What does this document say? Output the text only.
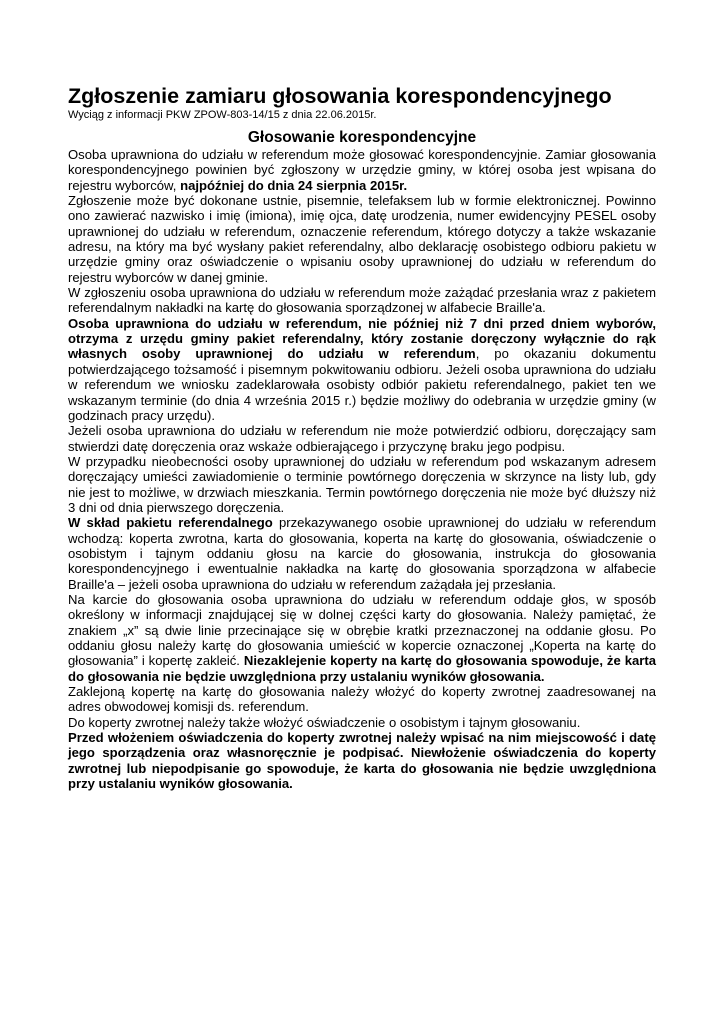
Zgłoszenie zamiaru głosowania korespondencyjnego

Wyciąg z informacji PKW ZPOW-803-14/15 z dnia 22.06.2015r.

Głosowanie korespondencyjne

Osoba uprawniona do udziału w referendum może głosować korespondencyjnie. Zamiar głosowania korespondencyjnego powinien być zgłoszony w urzędzie gminy, w której osoba jest wpisana do rejestru wyborców, najpóźniej do dnia 24 sierpnia 2015r.

Zgłoszenie może być dokonane ustnie, pisemnie, telefaksem lub w formie elektronicznej. Powinno ono zawierać nazwisko i imię (imiona), imię ojca, datę urodzenia, numer ewidencyjny PESEL osoby uprawnionej do udziału w referendum, oznaczenie referendum, którego dotyczy a także wskazanie adresu, na który ma być wysłany pakiet referendalny, albo deklarację osobistego odbioru pakietu w urzędzie gminy oraz oświadczenie o wpisaniu osoby uprawnionej do udziału w referendum do rejestru wyborców w danej gminie.

W zgłoszeniu osoba uprawniona do udziału w referendum może zażądać przesłania wraz z pakietem referendalnym nakładki na kartę do głosowania sporządzonej w alfabecie Braille'a.

Osoba uprawniona do udziału w referendum, nie później niż 7 dni przed dniem wyborów, otrzyma z urzędu gminy pakiet referendalny, który zostanie doręczony wyłącznie do rąk własnych osoby uprawnionej do udziału w referendum, po okazaniu dokumentu potwierdzającego tożsamość i pisemnym pokwitowaniu odbioru. Jeżeli osoba uprawniona do udziału w referendum we wniosku zadeklarowała osobisty odbiór pakietu referendalnego, pakiet ten we wskazanym terminie (do dnia 4 września 2015 r.) będzie możliwy do odebrania w urzędzie gminy (w godzinach pracy urzędu).

Jeżeli osoba uprawniona do udziału w referendum nie może potwierdzić odbioru, doręczający sam stwierdzi datę doręczenia oraz wskaże odbierającego i przyczynę braku jego podpisu.

W przypadku nieobecności osoby uprawnionej do udziału w referendum pod wskazanym adresem doręczający umieści zawiadomienie o terminie powtórnego doręczenia w skrzynce na listy lub, gdy nie jest to możliwe, w drzwiach mieszkania. Termin powtórnego doręczenia nie może być dłuższy niż 3 dni od dnia pierwszego doręczenia.

W skład pakietu referendalnego przekazywanego osobie uprawnionej do udziału w referendum wchodzą: koperta zwrotna, karta do głosowania, koperta na kartę do głosowania, oświadczenie o osobistym i tajnym oddaniu głosu na karcie do głosowania, instrukcja do głosowania korespondencyjnego i ewentualnie nakładka na kartę do głosowania sporządzona w alfabecie Braille'a – jeżeli osoba uprawniona do udziału w referendum zażądała jej przesłania.

Na karcie do głosowania osoba uprawniona do udziału w referendum oddaje głos, w sposób określony w informacji znajdującej się w dolnej części karty do głosowania. Należy pamiętać, że znakiem „x” są dwie linie przecinające się w obrębie kratki przeznaczonej na oddanie głosu. Po oddaniu głosu należy kartę do głosowania umieścić w kopercie oznaczonej „Koperta na kartę do głosowania” i kopertę zakleić. Niezaklejenie koperty na kartę do głosowania spowoduje, że karta do głosowania nie będzie uwzględniona przy ustalaniu wyników głosowania.

Zaklejoną kopertę na kartę do głosowania należy włożyć do koperty zwrotnej zaadresowanej na adres obwodowej komisji ds. referendum.

Do koperty zwrotnej należy także włożyć oświadczenie o osobistym i tajnym głosowaniu.

Przed włożeniem oświadczenia do koperty zwrotnej należy wpisać na nim miejscowość i datę jego sporządzenia oraz własnoręcznie je podpisać. Niewłożenie oświadczenia do koperty zwrotnej lub niepodpisanie go spowoduje, że karta do głosowania nie będzie uwzględniona przy ustalaniu wyników głosowania.
